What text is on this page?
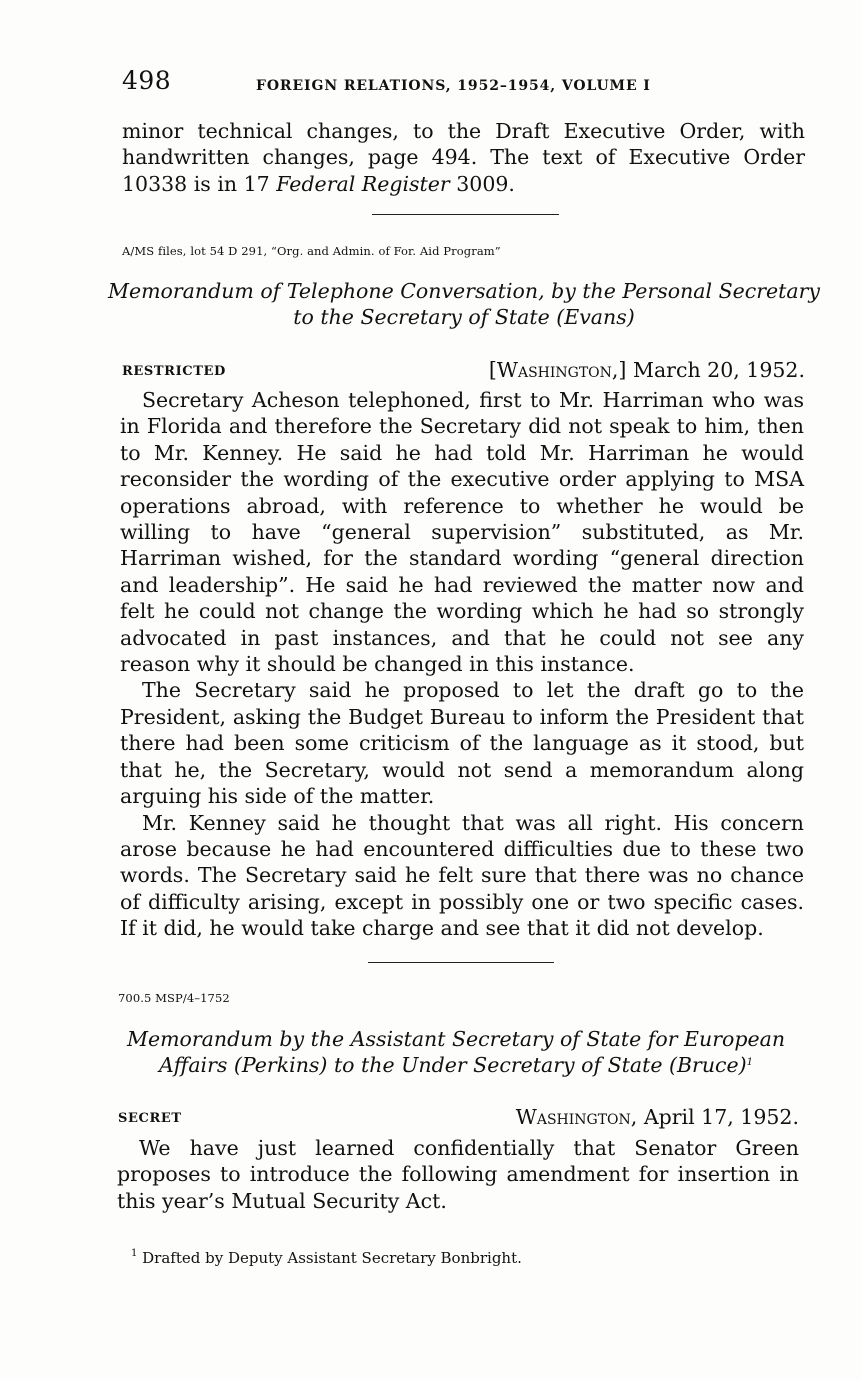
498	FOREIGN RELATIONS, 1952–1954, VOLUME I

minor technical changes, to the Draft Executive Order, with handwritten changes, page 494. The text of Executive Order 10338 is in 17 Federal Register 3009.

A/MS files, lot 54 D 291, “Org. and Admin. of For. Aid Program”
Memorandum of Telephone Conversation, by the Personal Secretary
to the Secretary of State (Evans)
RESTRICTED	[Washington,] March 20, 1952.

Secretary Acheson telephoned, first to Mr. Harriman who was in Florida and therefore the Secretary did not speak to him, then to Mr. Kenney. He said he had told Mr. Harriman he would reconsider the wording of the executive order applying to MSA operations abroad, with reference to whether he would be willing to have “general supervision” substituted, as Mr. Harriman wished, for the standard wording “general direction and leadership”. He said he had reviewed the matter now and felt he could not change the wording which he had so strongly advocated in past instances, and that he could not see any reason why it should be changed in this instance.

The Secretary said he proposed to let the draft go to the President, asking the Budget Bureau to inform the President that there had been some criticism of the language as it stood, but that he, the Secretary, would not send a memorandum along arguing his side of the matter.

Mr. Kenney said he thought that was all right. His concern arose because he had encountered difficulties due to these two words. The Secretary said he felt sure that there was no chance of difficulty arising, except in possibly one or two specific cases. If it did, he would take charge and see that it did not develop.

700.5 MSP/4–1752
Memorandum by the Assistant Secretary of State for European
Affairs (Perkins) to the Under Secretary of State (Bruce)$^1$
SECRET	Washington, April 17, 1952.

We have just learned confidentially that Senator Green proposes to introduce the following amendment for insertion in this year’s Mutual Security Act.

$^1$ Drafted by Deputy Assistant Secretary Bonbright.
